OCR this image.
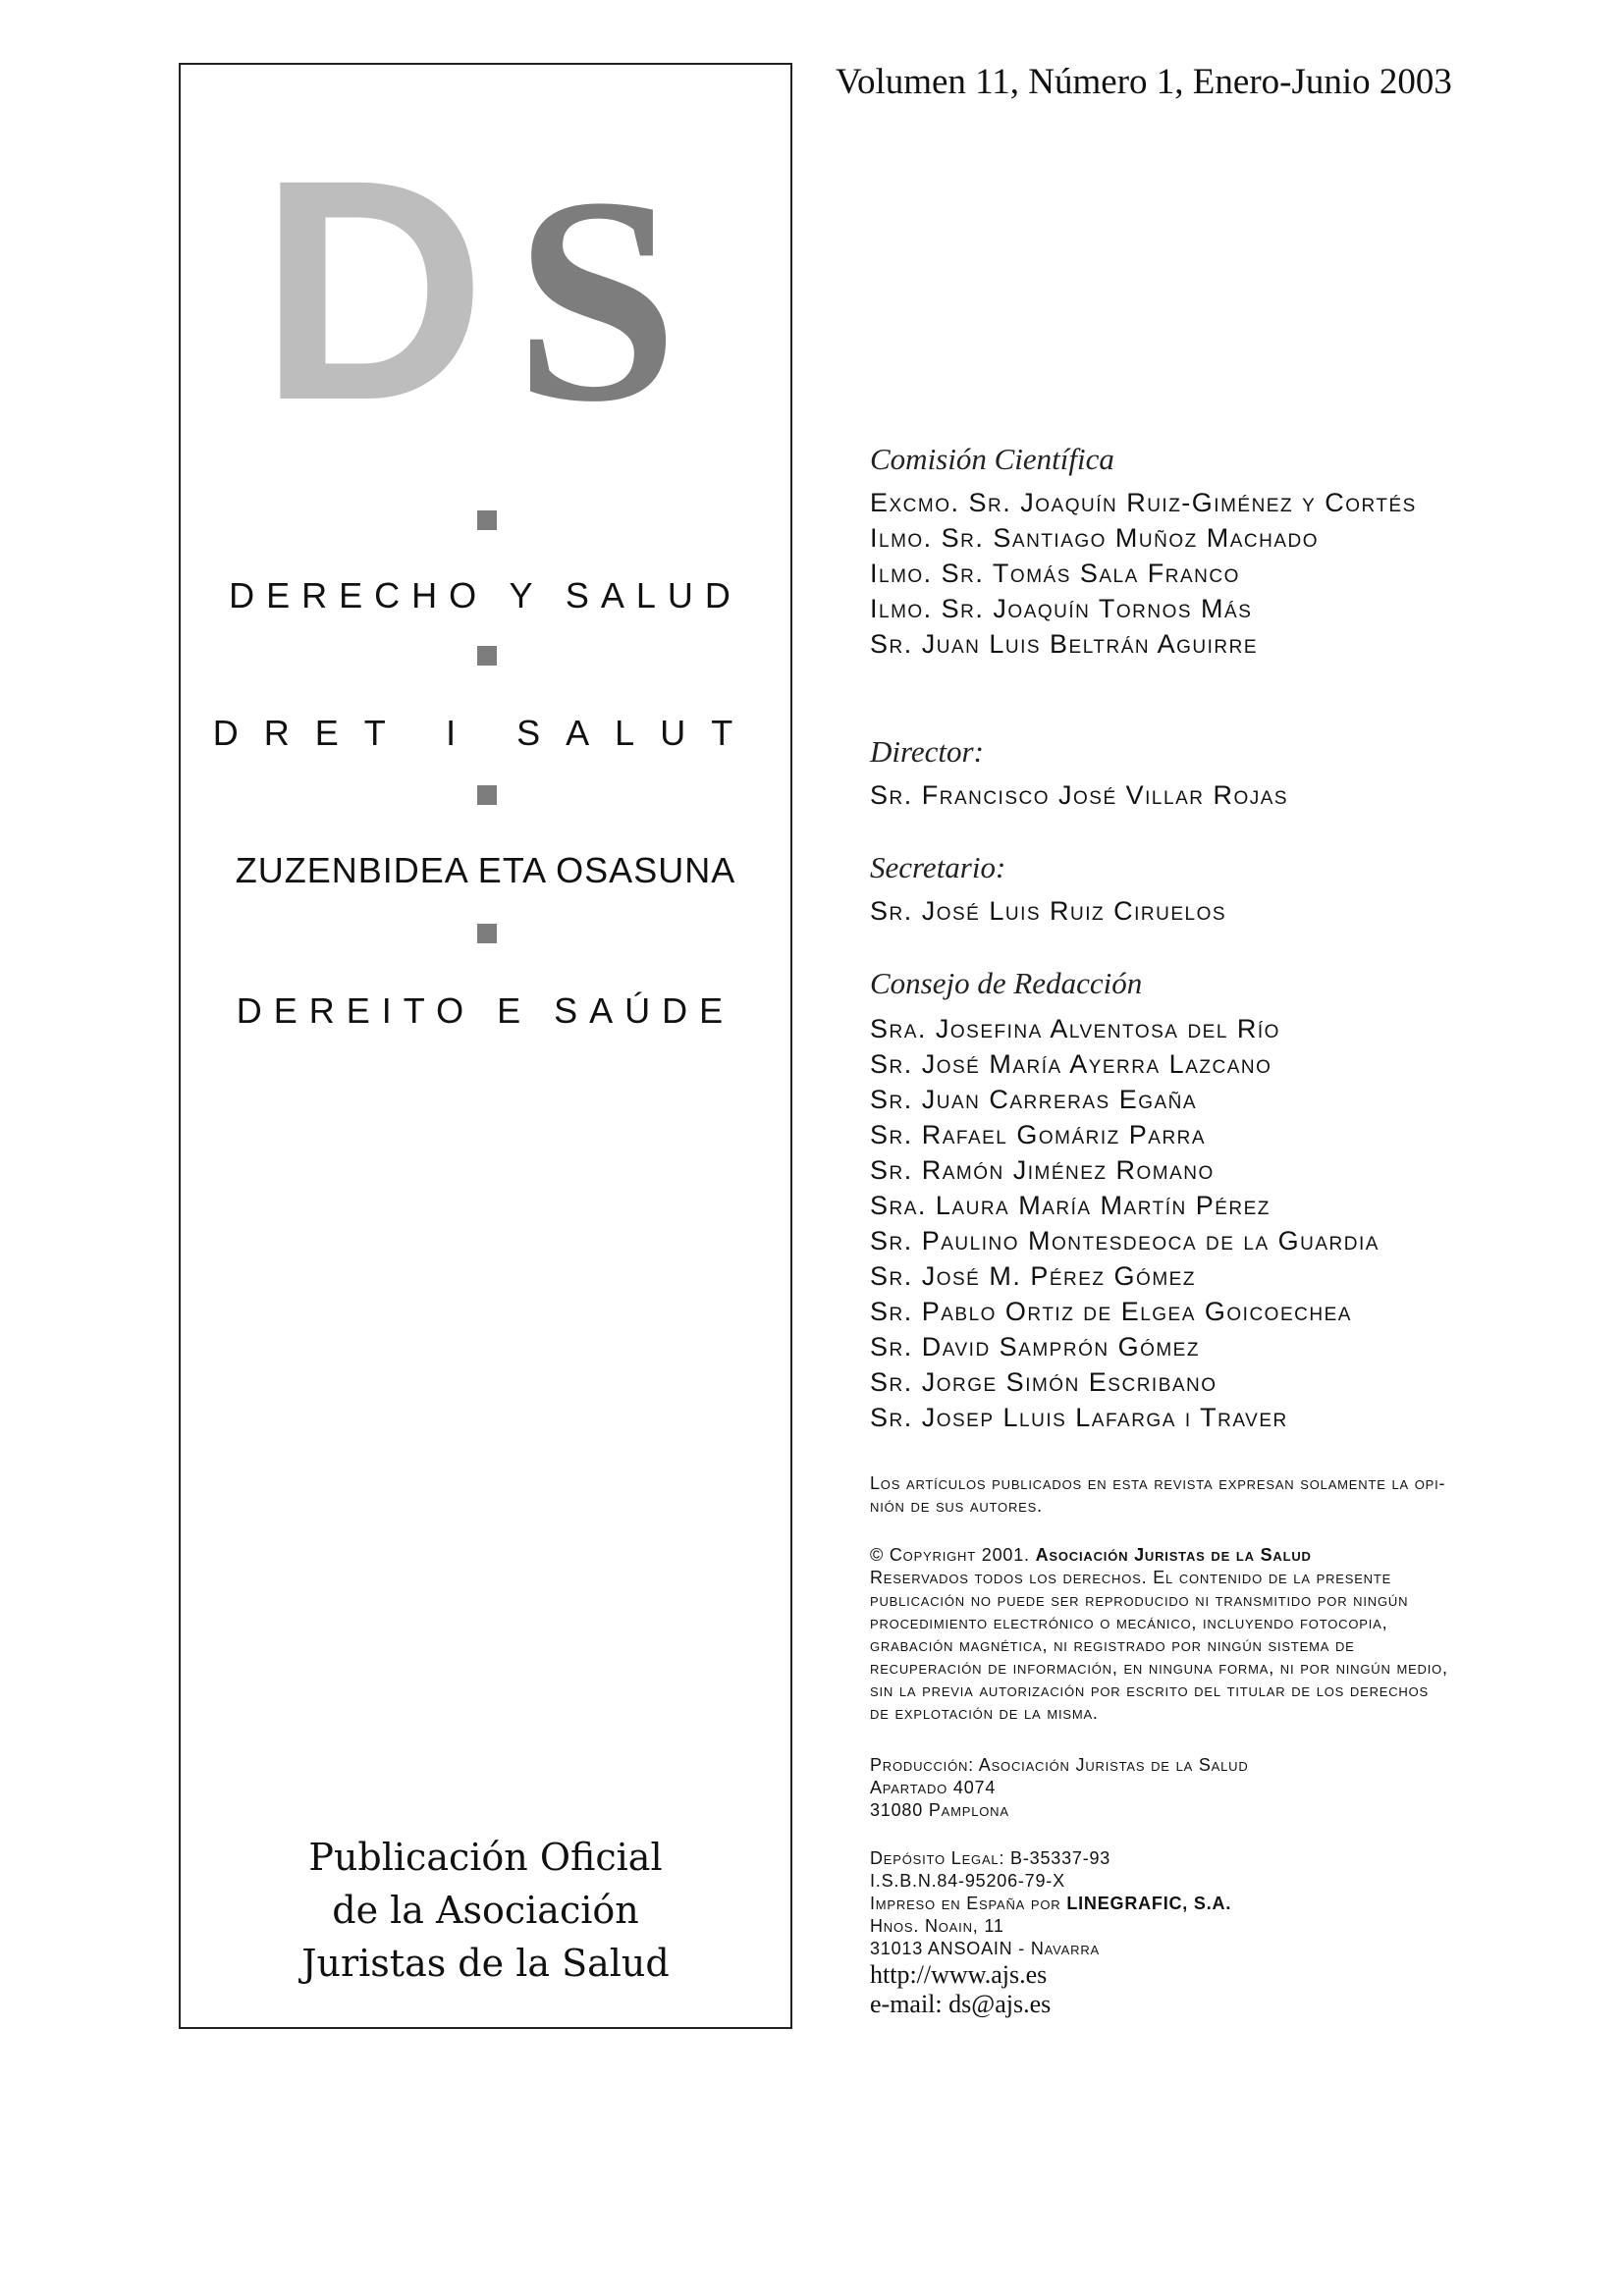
D S
DERECHO Y SALUD
DRET I SALUT
ZUZENBIDEA ETA OSASUNA
DEREITO E SAÚDE
Publicación Oficial
de la Asociación
Juristas de la Salud
Volumen 11, Número 1, Enero-Junio 2003
Comisión Científica
Excmo. Sr. Joaquín Ruiz-Giménez y Cortés
Ilmo. Sr. Santiago Muñoz Machado
Ilmo. Sr. Tomás Sala Franco
Ilmo. Sr. Joaquín Tornos Más
Sr. Juan Luis Beltrán Aguirre
Director:
Sr. Francisco José Villar Rojas
Secretario:
Sr. José Luis Ruiz Ciruelos
Consejo de Redacción
Sra. Josefina Alventosa del Río
Sr. José María Ayerra Lazcano
Sr. Juan Carreras Egaña
Sr. Rafael Gomáriz Parra
Sr. Ramón Jiménez Romano
Sra. Laura María Martín Pérez
Sr. Paulino Montesdeoca de la Guardia
Sr. José M. Pérez Gómez
Sr. Pablo Ortiz de Elgea Goicoechea
Sr. David Samprón Gómez
Sr. Jorge Simón Escribano
Sr. Josep Lluis Lafarga i Traver
Los artículos publicados en esta revista expresan solamente la opi-
nión de sus autores.
© Copyright 2001. Asociación Juristas de la Salud
Reservados todos los derechos. El contenido de la presente
publicación no puede ser reproducido ni transmitido por ningún
procedimiento electrónico o mecánico, incluyendo fotocopia,
grabación magnética, ni registrado por ningún sistema de
recuperación de información, en ninguna forma, ni por ningún medio,
sin la previa autorización por escrito del titular de los derechos
de explotación de la misma.
Producción: Asociación Juristas de la Salud
Apartado 4074
31080 Pamplona
Depósito Legal: B-35337-93
I.S.B.N.84-95206-79-X
Impreso en España por LINEGRAFIC, S.A.
Hnos. Noain, 11
31013 ANSOAIN - Navarra
http://www.ajs.es
e-mail: ds@ajs.es
